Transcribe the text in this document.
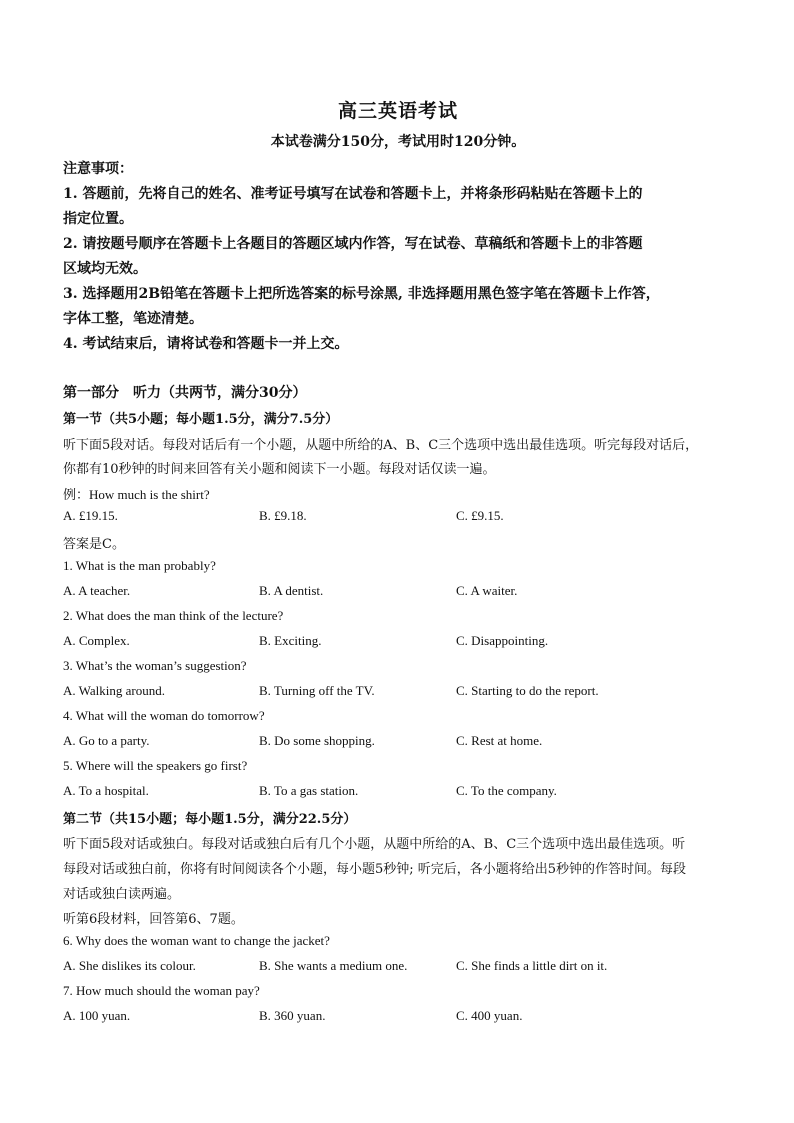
高三英语考试
本试卷满分150分，考试用时120分钟。
注意事项：
1. 答题前，先将自己的姓名、准考证号填写在试卷和答题卡上，并将条形码粘贴在答题卡上的
指定位置。
2. 请按题号顺序在答题卡上各题目的答题区域内作答，写在试卷、草稿纸和答题卡上的非答题
区域均无效。
3. 选择题用2B铅笔在答题卡上把所选答案的标号涂黑, 非选择题用黑色签字笔在答题卡上作答，
字体工整，笔迹清楚。
4. 考试结束后，请将试卷和答题卡一并上交。
第一部分　听力（共两节，满分30分）
第一节（共5小题；每小题1.5分，满分7.5分）
听下面5段对话。每段对话后有一个小题，从题中所给的A、B、C三个选项中选出最佳选项。听完每段对话后，
你都有10秒钟的时间来回答有关小题和阅读下一小题。每段对话仅读一遍。
例：How much is the shirt?
A. £19.15.	B. £9.18.	C. £9.15.
答案是C。
1. What is the man probably?
A. A teacher.	B. A dentist.	C. A waiter.
2. What does the man think of the lecture?
A. Complex.	B. Exciting.	C. Disappointing.
3. What’s the woman’s suggestion?
A. Walking around.	B. Turning off the TV.	C. Starting to do the report.
4. What will the woman do tomorrow?
A. Go to a party.	B. Do some shopping.	C. Rest at home.
5. Where will the speakers go first?
A. To a hospital.	B. To a gas station.	C. To the company.
第二节（共15小题；每小题1.5分，满分22.5分）
听下面5段对话或独白。每段对话或独白后有几个小题，从题中所给的A、B、C三个选项中选出最佳选项。听
每段对话或独白前，你将有时间阅读各个小题，每小题5秒钟; 听完后，各小题将给出5秒钟的作答时间。每段
对话或独白读两遍。
听第6段材料，回答第6、7题。
6. Why does the woman want to change the jacket?
A. She dislikes its colour.	B. She wants a medium one.	C. She finds a little dirt on it.
7. How much should the woman pay?
A. 100 yuan.	B. 360 yuan.	C. 400 yuan.
